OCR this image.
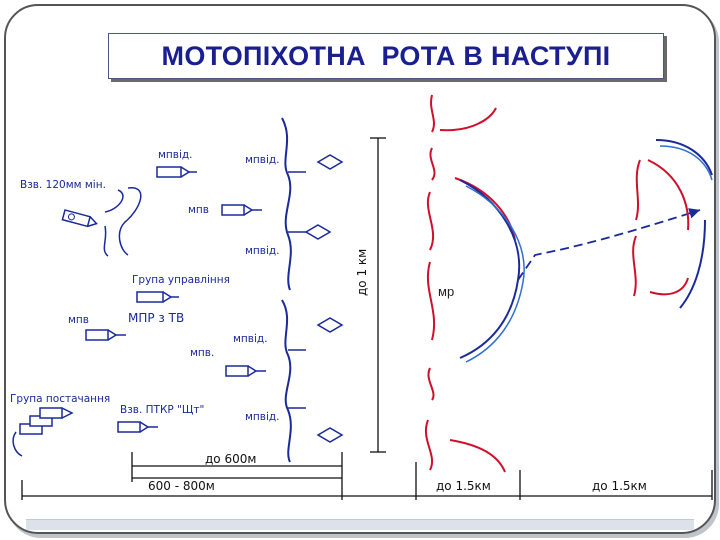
МОТОПІХОТНА  РОТА В НАСТУПІ
Взв. 120мм мін.
мпвід.
мпв
Група управління
МПР з ТВ
мпв
Група постачання
Взв. ПТКР "Щт"
мпв.
мпвід.
мпвід.
мпвід.
мпвід.
до 1 км	мр
до 600м
600 - 800м	до 1.5км	до 1.5км
